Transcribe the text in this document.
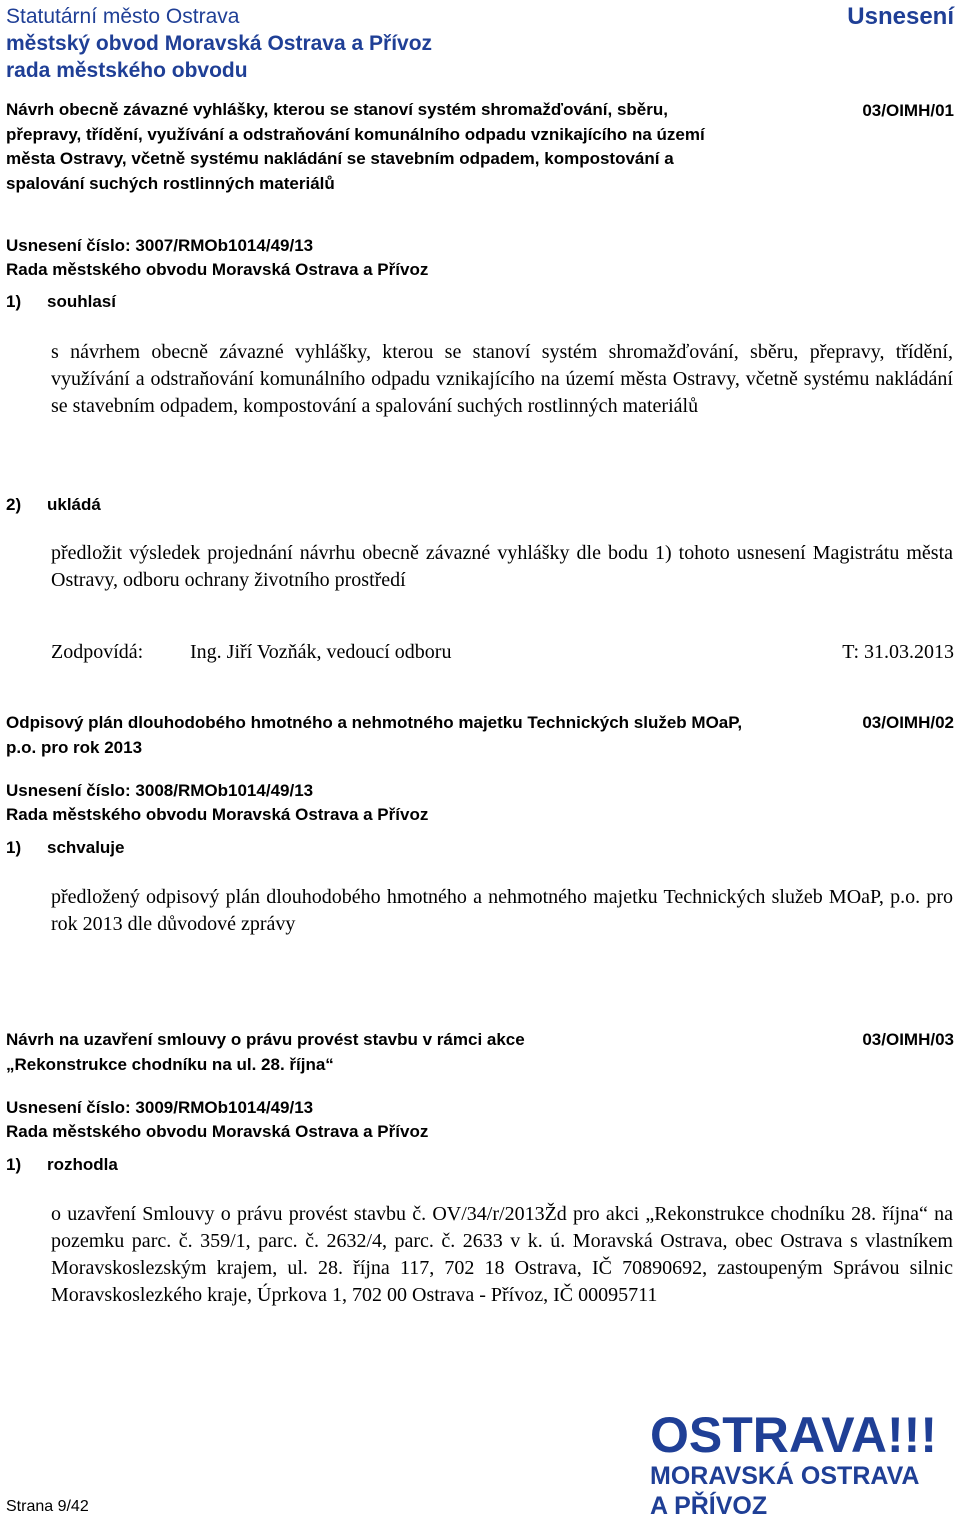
Statutární město Ostrava
městský obvod Moravská Ostrava a Přívoz
rada městského obvodu
Usnesení
Návrh obecně závazné vyhlášky, kterou se stanoví systém shromažďování, sběru, přepravy, třídění, využívání a odstraňování komunálního odpadu vznikajícího na území města Ostravy, včetně systému nakládání se stavebním odpadem, kompostování a spalování suchých rostlinných materiálů
03/OIMH/01
Usnesení číslo: 3007/RMOb1014/49/13
Rada městského obvodu Moravská Ostrava a Přívoz
1) souhlasí
s návrhem obecně závazné vyhlášky, kterou se stanoví systém shromažďování, sběru, přepravy, třídění, využívání a odstraňování komunálního odpadu vznikajícího na území města Ostravy, včetně systému nakládání se stavebním odpadem, kompostování a spalování suchých rostlinných materiálů
2) ukládá
předložit výsledek projednání návrhu obecně závazné vyhlášky dle bodu 1) tohoto usnesení Magistrátu města Ostravy, odboru ochrany životního prostředí
Zodpovídá: Ing. Jiří Vozňák, vedoucí odboru	T: 31.03.2013
Odpisový plán dlouhodobého hmotného a nehmotného majetku Technických služeb MOaP, p.o. pro rok 2013
03/OIMH/02
Usnesení číslo: 3008/RMOb1014/49/13
Rada městského obvodu Moravská Ostrava a Přívoz
1) schvaluje
předložený odpisový plán dlouhodobého hmotného a nehmotného majetku Technických služeb MOaP, p.o. pro rok 2013 dle důvodové zprávy
Návrh na uzavření smlouvy o právu provést stavbu v rámci akce „Rekonstrukce chodníku na ul. 28. října“
03/OIMH/03
Usnesení číslo: 3009/RMOb1014/49/13
Rada městského obvodu Moravská Ostrava a Přívoz
1) rozhodla
o uzavření Smlouvy o právu provést stavbu č. OV/34/r/2013Žd pro akci „Rekonstrukce chodníku 28. října“ na pozemku parc. č. 359/1, parc. č. 2632/4, parc. č. 2633 v k. ú. Moravská Ostrava, obec Ostrava s vlastníkem Moravskoslezským krajem, ul. 28. října 117, 702 18 Ostrava, IČ 70890692, zastoupeným Správou silnic Moravskoslezkého kraje, Úprkova 1, 702 00 Ostrava - Přívoz, IČ 00095711
Strana 9/42
OSTRAVA!!!
MORAVSKÁ OSTRAVA
A PŘÍVOZ
